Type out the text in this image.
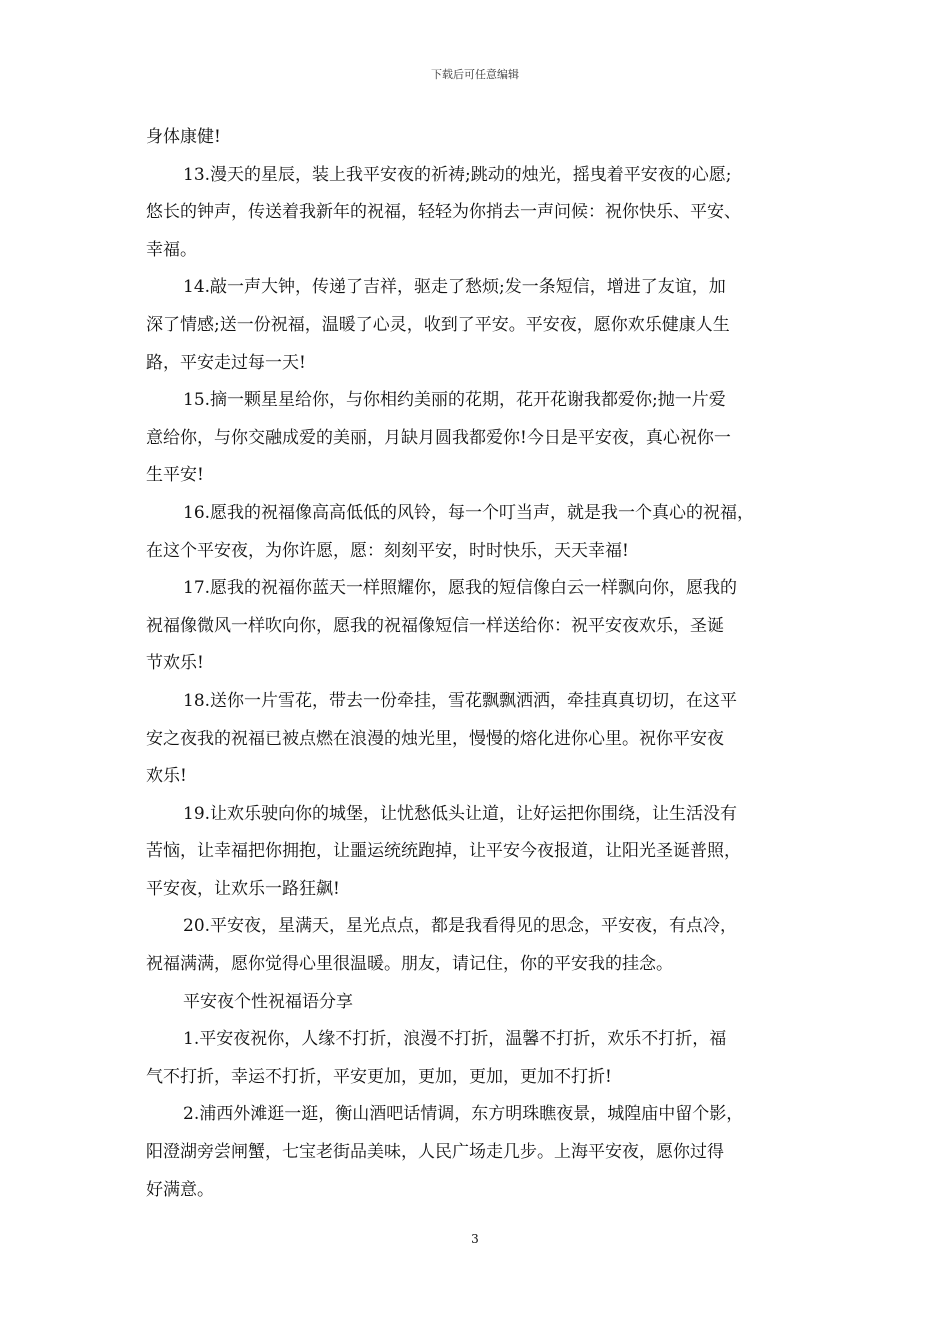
下载后可任意编辑
身体康健!
13.漫天的星辰，装上我平安夜的祈祷;跳动的烛光，摇曳着平安夜的心愿;
悠长的钟声，传送着我新年的祝福，轻轻为你捎去一声问候：祝你快乐、平安、
幸福。
14.敲一声大钟，传递了吉祥，驱走了愁烦;发一条短信，增进了友谊，加
深了情感;送一份祝福，温暖了心灵，收到了平安。平安夜，愿你欢乐健康人生
路，平安走过每一天!
15.摘一颗星星给你，与你相约美丽的花期，花开花谢我都爱你;抛一片爱
意给你，与你交融成爱的美丽，月缺月圆我都爱你!今日是平安夜，真心祝你一
生平安!
16.愿我的祝福像高高低低的风铃，每一个叮当声，就是我一个真心的祝福，
在这个平安夜，为你许愿，愿：刻刻平安，时时快乐，天天幸福!
17.愿我的祝福你蓝天一样照耀你，愿我的短信像白云一样飘向你，愿我的
祝福像微风一样吹向你，愿我的祝福像短信一样送给你：祝平安夜欢乐，圣诞
节欢乐!
18.送你一片雪花，带去一份牵挂，雪花飘飘洒洒，牵挂真真切切，在这平
安之夜我的祝福已被点燃在浪漫的烛光里，慢慢的熔化进你心里。祝你平安夜
欢乐!
19.让欢乐驶向你的城堡，让忧愁低头让道，让好运把你围绕，让生活没有
苦恼，让幸福把你拥抱，让噩运统统跑掉，让平安今夜报道，让阳光圣诞普照，
平安夜，让欢乐一路狂飙!
20.平安夜，星满天，星光点点，都是我看得见的思念，平安夜，有点冷，
祝福满满，愿你觉得心里很温暖。朋友，请记住，你的平安我的挂念。
平安夜个性祝福语分享
1.平安夜祝你，人缘不打折，浪漫不打折，温馨不打折，欢乐不打折，福
气不打折，幸运不打折，平安更加，更加，更加，更加不打折!
2.浦西外滩逛一逛，衡山酒吧话情调，东方明珠瞧夜景，城隍庙中留个影，
阳澄湖旁尝闸蟹，七宝老街品美味，人民广场走几步。上海平安夜，愿你过得
好满意。
3
